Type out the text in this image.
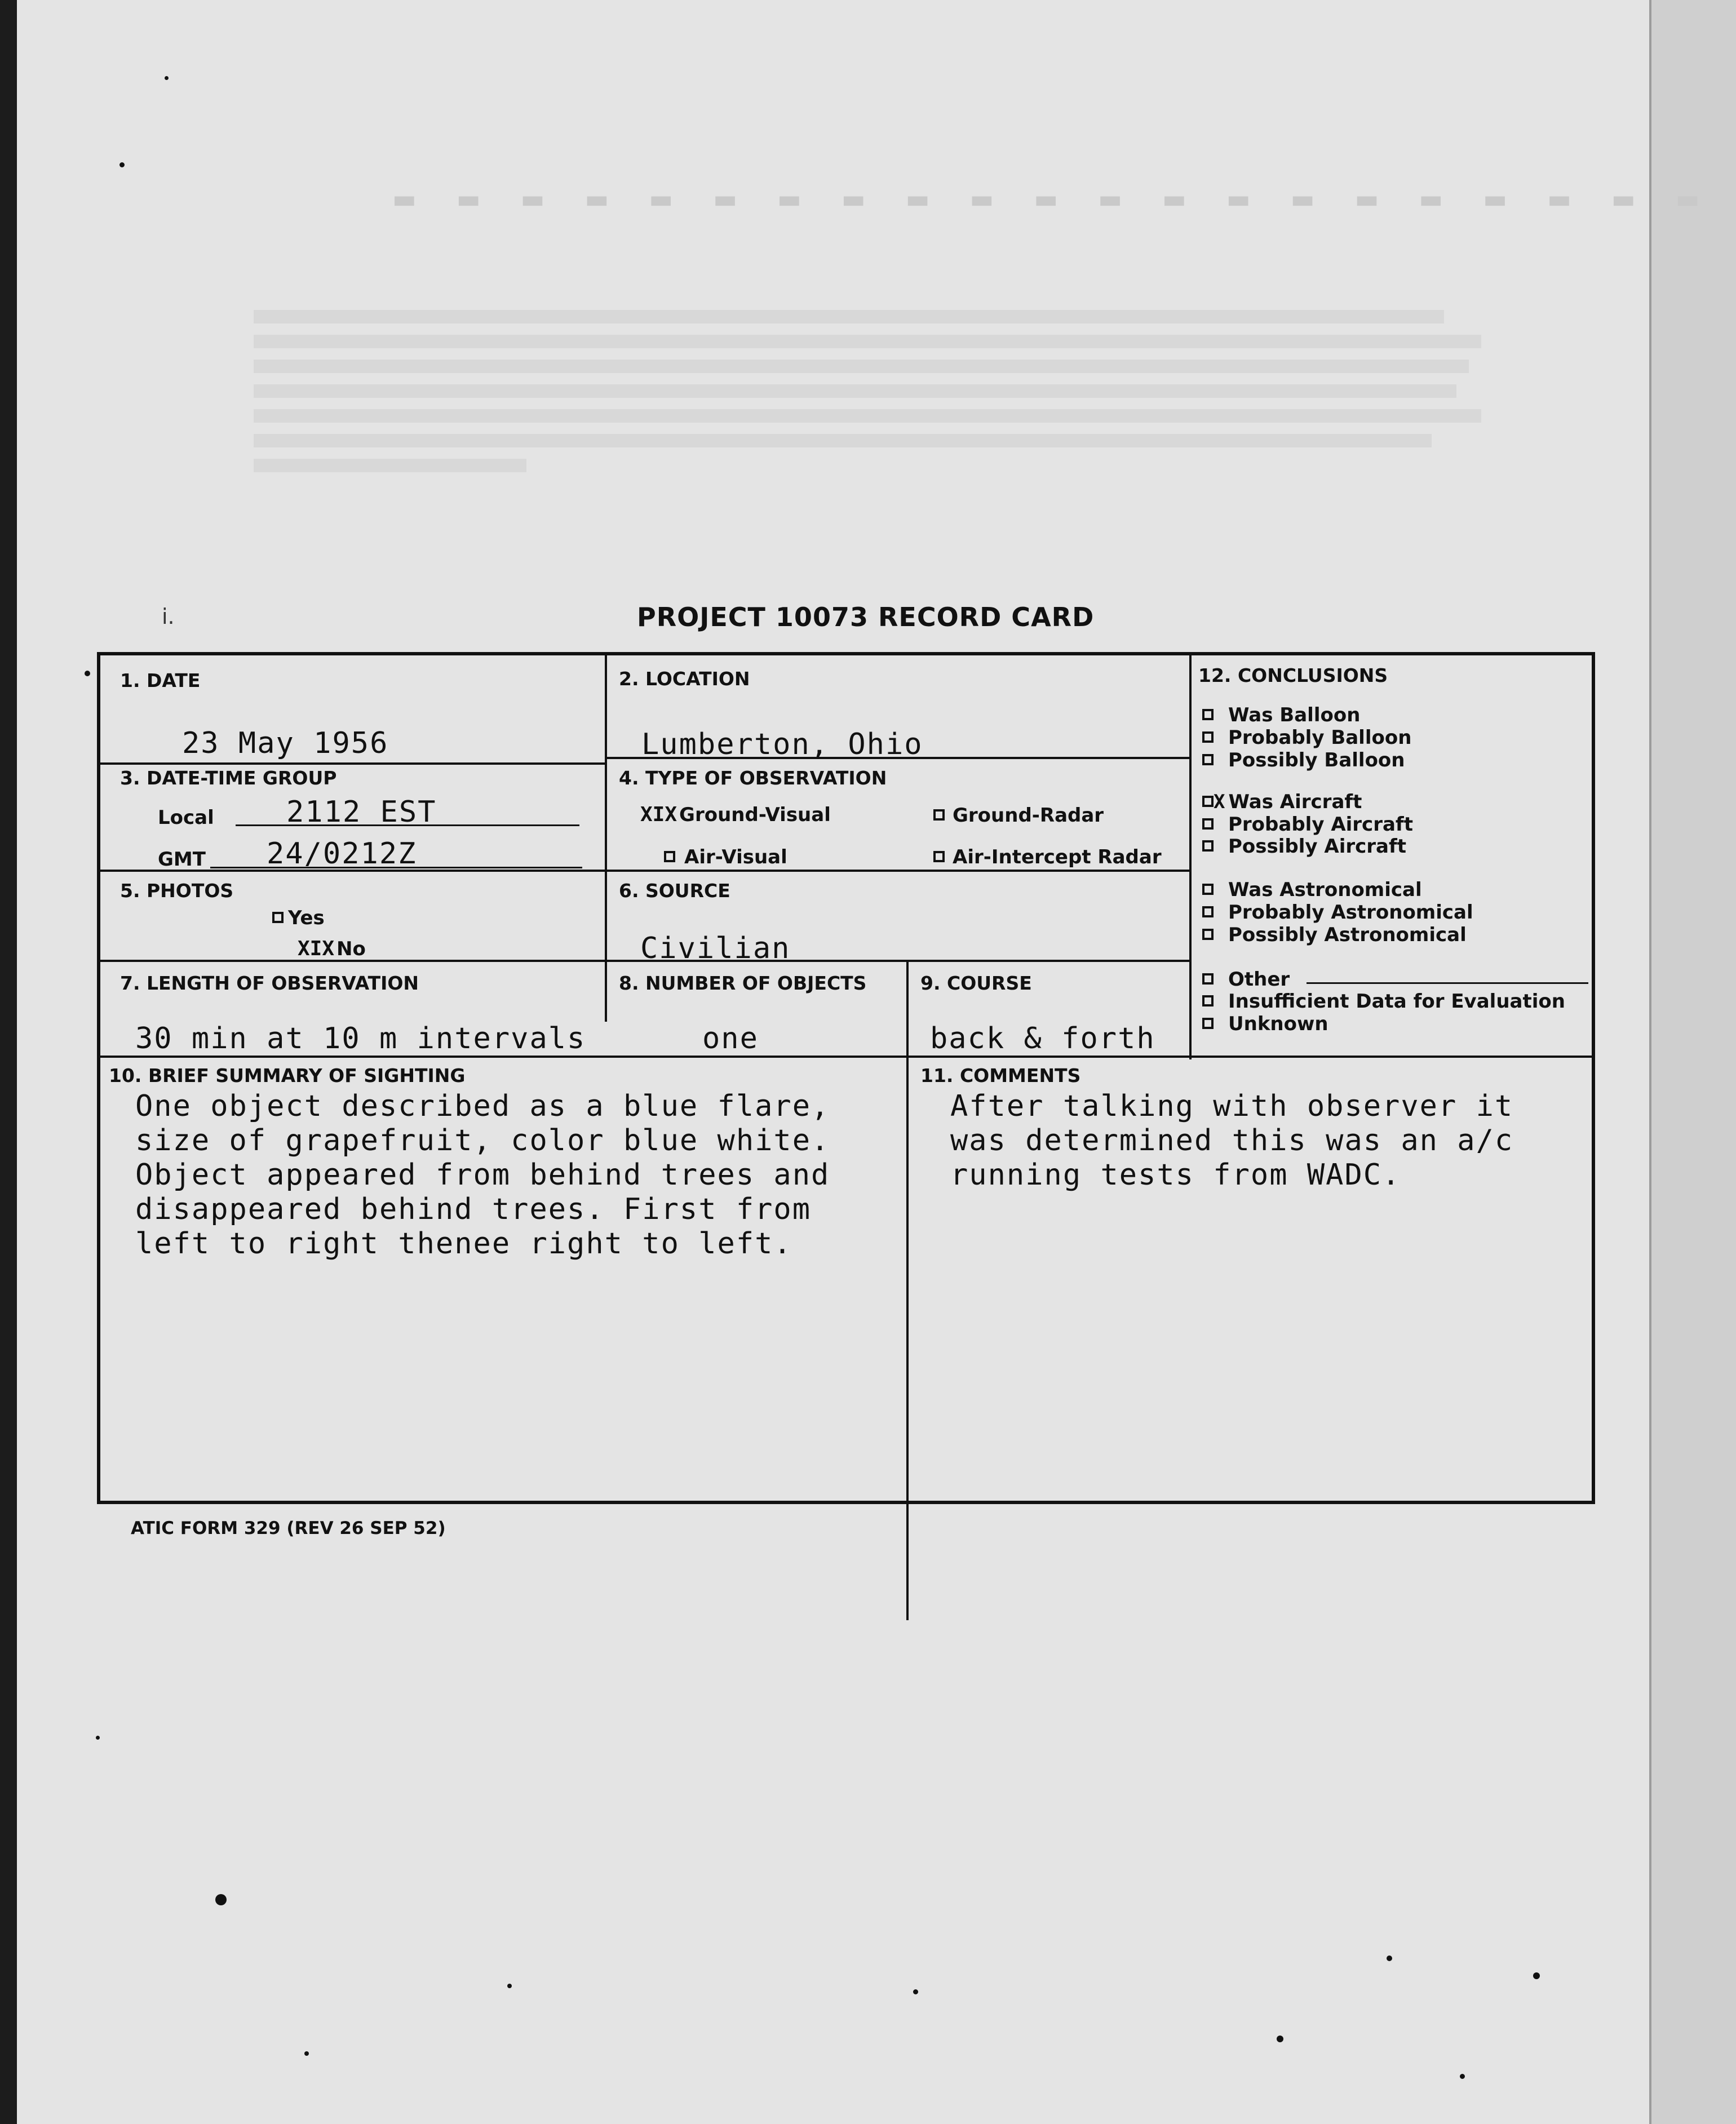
▬ ▬ ▬ ▬ ▬ ▬ ▬ ▬ ▬ ▬ ▬ ▬ ▬ ▬ ▬ ▬ ▬ ▬ ▬ ▬ ▬
i.	PROJECT 10073 RECORD CARD
1. DATE
23 May 1956
2. LOCATION
Lumberton, Ohio
3. DATE-TIME GROUP
Local 2112 EST
GMT 24/0212Z
4. TYPE OF OBSERVATION
XIX Ground-Visual	Ground-Radar
Air-Visual	Air-Intercept Radar
5. PHOTOS
Yes
XIX No
6. SOURCE
Civilian
7. LENGTH OF OBSERVATION
30 min at 10 m intervals
8. NUMBER OF OBJECTS
one
9. COURSE
back & forth
12. CONCLUSIONS
Was Balloon
Probably Balloon
Possibly Balloon
X Was Aircraft
Probably Aircraft
Possibly Aircraft
Was Astronomical
Probably Astronomical
Possibly Astronomical
Other
Insufficient Data for Evaluation
Unknown
10. BRIEF SUMMARY OF SIGHTING
One object described as a blue flare,
size of grapefruit, color blue white.
Object appeared from behind trees and
disappeared behind trees. First from
left to right thenee right to left.
11. COMMENTS
After talking with observer it
was determined this was an a/c
running tests from WADC.
ATIC FORM 329 (REV 26 SEP 52)
